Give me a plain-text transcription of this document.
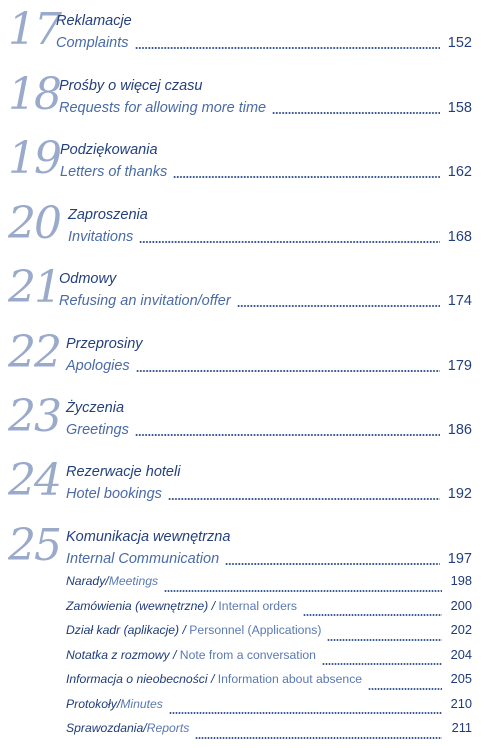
17
Reklamacje
Complaints	152
18 Prośby o więcej czasu
Requests for allowing more time	158
19 Podziękowania
Letters of thanks	162
20 Zaproszenia
Invitations	168
21 Odmowy
Refusing an invitation/offer	174
22 Przeprosiny
Apologies	179
23 Życzenia
Greetings	186
24 Rezerwacje hoteli
Hotel bookings	192
25 Komunikacja wewnętrzna
Internal Communication	197
Narady/Meetings	198
Zamówienia (wewnętrzne) / Internal orders	200
Dział kadr (aplikacje) / Personnel (Applications)	202
Notatka z rozmowy / Note from a conversation	204
Informacja o nieobecności / Information about absence	205
Protokoły/Minutes	210
Sprawozdania/Reports	211
